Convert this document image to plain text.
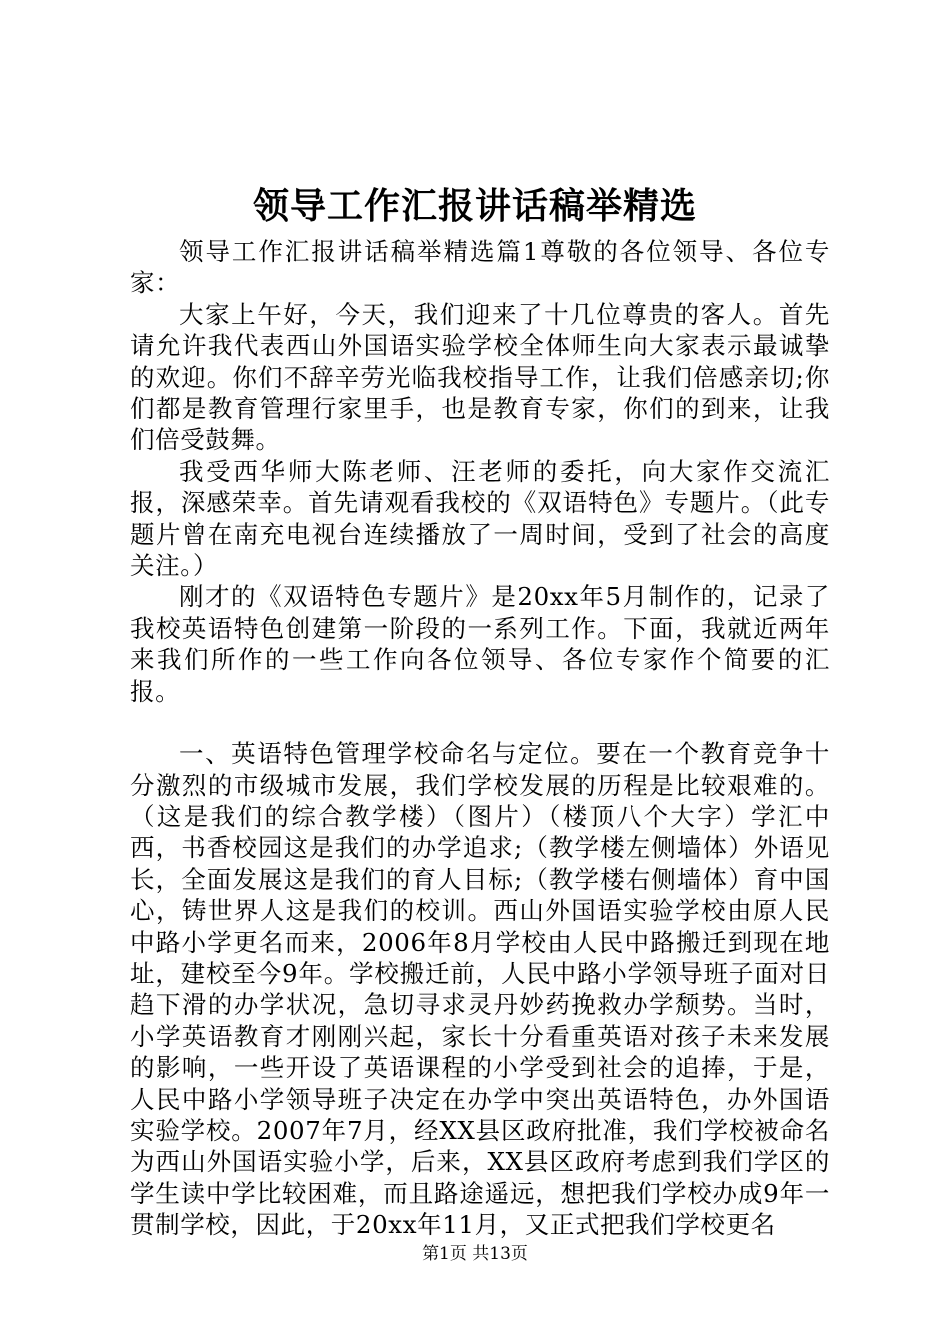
领导工作汇报讲话稿举精选

领导工作汇报讲话稿举精选篇1尊敬的各位领导、各位专家：

大家上午好，今天，我们迎来了十几位尊贵的客人。首先请允许我代表西山外国语实验学校全体师生向大家表示最诚挚的欢迎。你们不辞辛劳光临我校指导工作，让我们倍感亲切;你们都是教育管理行家里手，也是教育专家，你们的到来，让我们倍受鼓舞。

我受西华师大陈老师、汪老师的委托，向大家作交流汇报，深感荣幸。首先请观看我校的《双语特色》专题片。（此专题片曾在南充电视台连续播放了一周时间，受到了社会的高度关注。）

刚才的《双语特色专题片》是20xx年5月制作的，记录了我校英语特色创建第一阶段的一系列工作。下面，我就近两年来我们所作的一些工作向各位领导、各位专家作个简要的汇报。

一、英语特色管理学校命名与定位。要在一个教育竞争十分激烈的市级城市发展，我们学校发展的历程是比较艰难的。（这是我们的综合教学楼）（图片）（楼顶八个大字）学汇中西，书香校园这是我们的办学追求;（教学楼左侧墙体）外语见长，全面发展这是我们的育人目标;（教学楼右侧墙体）育中国心，铸世界人这是我们的校训。西山外国语实验学校由原人民中路小学更名而来，2006年8月学校由人民中路搬迁到现在地址，建校至今9年。学校搬迁前，人民中路小学领导班子面对日趋下滑的办学状况，急切寻求灵丹妙药挽救办学颓势。当时，小学英语教育才刚刚兴起，家长十分看重英语对孩子未来发展的影响，一些开设了英语课程的小学受到社会的追捧，于是，人民中路小学领导班子决定在办学中突出英语特色，办外国语实验学校。2007年7月，经XX县区政府批准，我们学校被命名为西山外国语实验小学，后来，XX县区政府考虑到我们学区的学生读中学比较困难，而且路途遥远，想把我们学校办成9年一贯制学校，因此，于20xx年11月，又正式把我们学校更名

第1页 共13页
